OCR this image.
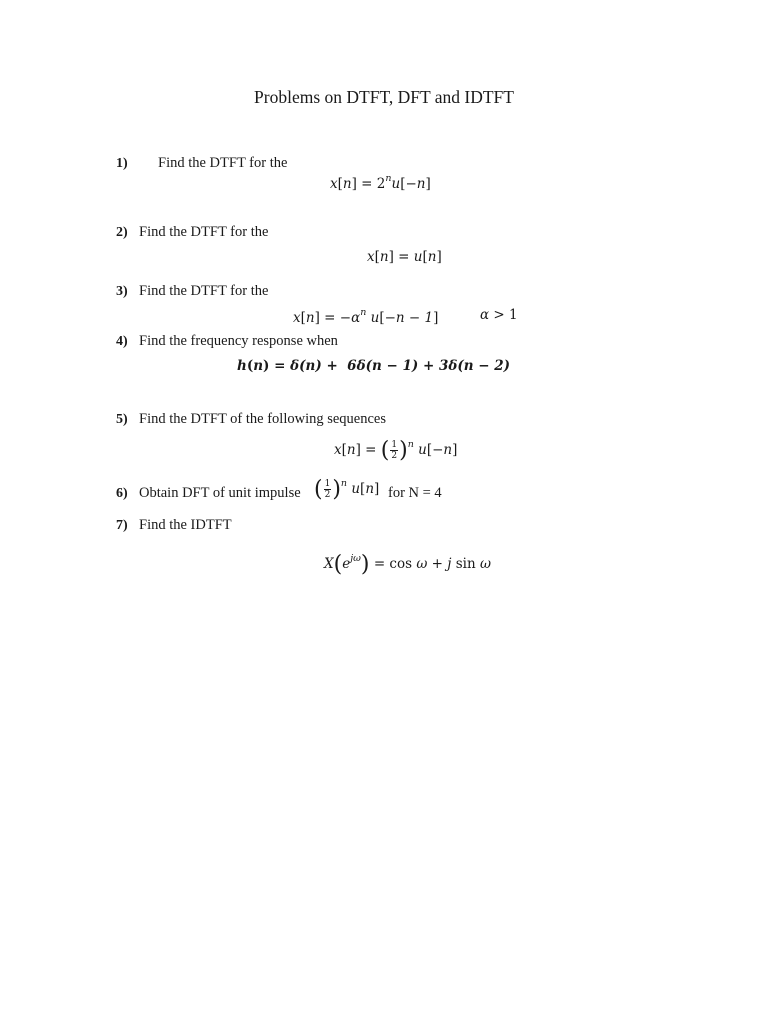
Problems on DTFT, DFT and IDTFT
1) Find the DTFT for the
$x[n] = 2^nu[-n]$
2) Find the DTFT for the
x[n] = u[n]
3) Find the DTFT for the
$x[n] = -\alpha^n$ u[−n − 1]	α > 1
4) Find the frequency response when
h(n) = δ(n) + 6δ(n − 1) + 3δ(n − 2)
5) Find the DTFT of the following sequences
x[n] = ( $\frac{1}{2} )^n$ u[−n]
6) Obtain DFT of unit impulse ( $\frac{1}{2} )^n$ u[n] for N = 4
7) Find the IDTFT
$X(e^{j\omega}) = \cos \omega + j$ sin ω
